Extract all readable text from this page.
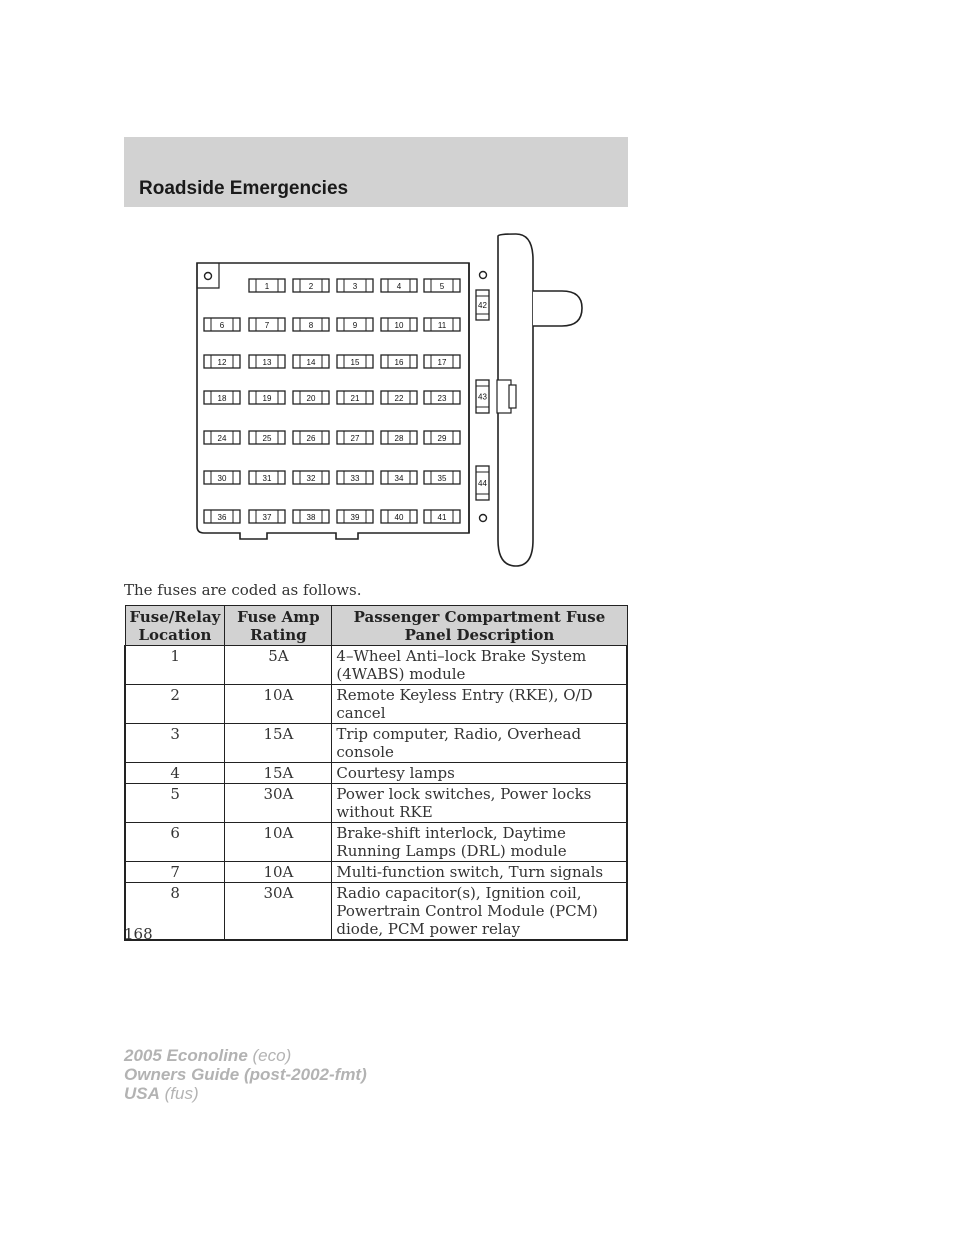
Roadside Emergencies
1	2	3	4	5
6	7	8	9	10	11
12	13	14	15	16	17
18	19	20	21	22	23
24	25	26	27	28	29
30	31	32	33	34	35
36	37	38	39	40	41
42
43
44

The fuses are coded as follows.

Fuse/Relay Location	Fuse Amp Rating	Passenger Compartment Fuse Panel Description
1	5A	4–Wheel Anti–lock Brake System (4WABS) module
2	10A	Remote Keyless Entry (RKE), O/D cancel
3	15A	Trip computer, Radio, Overhead console
4	15A	Courtesy lamps
5	30A	Power lock switches, Power locks without RKE
6	10A	Brake-shift interlock, Daytime Running Lamps (DRL) module
7	10A	Multi-function switch, Turn signals
8	30A	Radio capacitor(s), Ignition coil, Powertrain Control Module (PCM) diode, PCM power relay

168

2005 Econoline (eco)
Owners Guide (post-2002-fmt)
USA (fus)
